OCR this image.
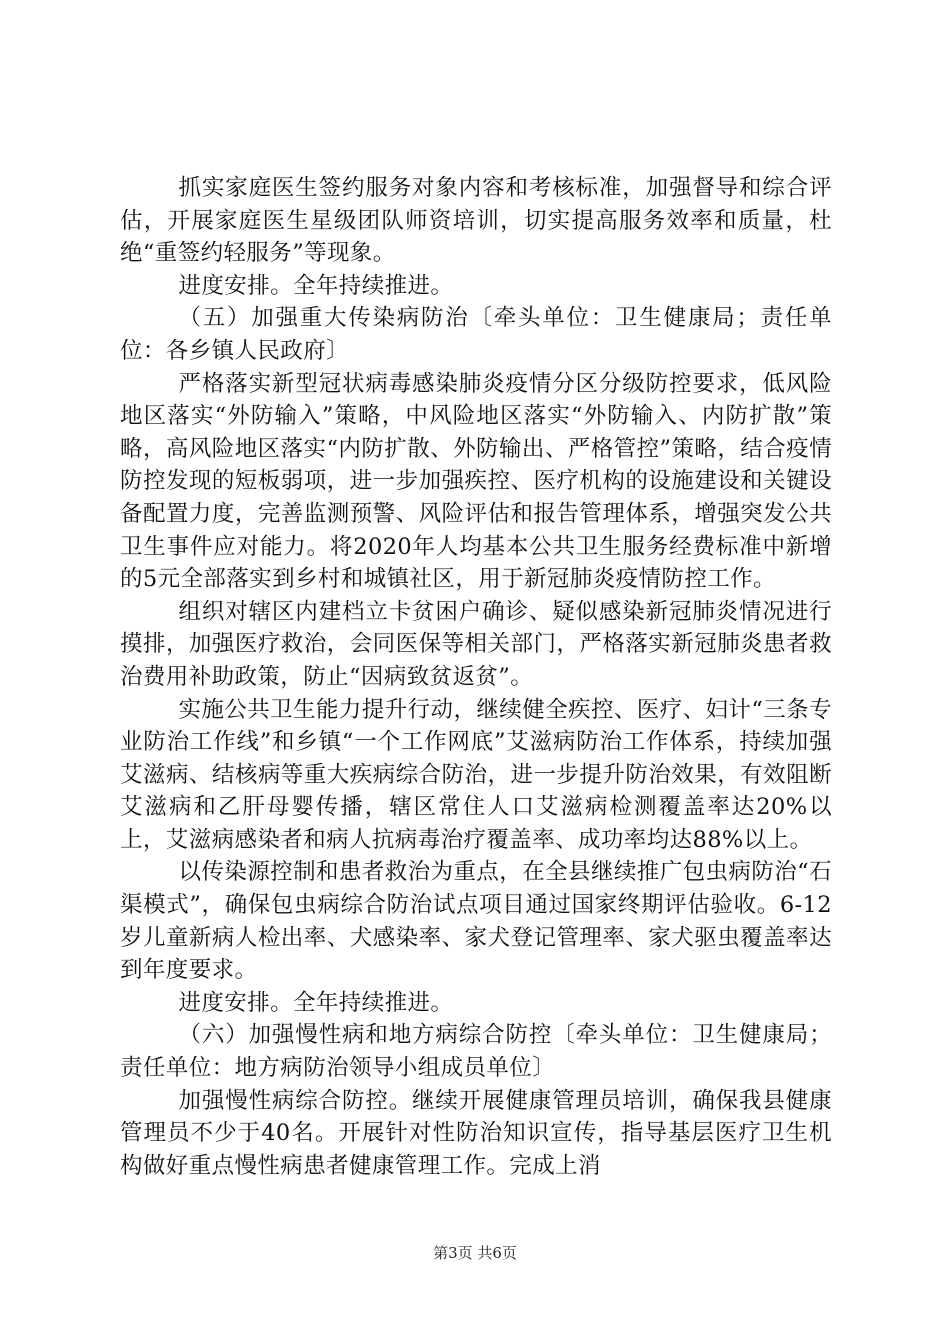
抓实家庭医生签约服务对象内容和考核标准，加强督导和综合评估，开展家庭医生星级团队师资培训，切实提高服务效率和质量，杜绝“重签约轻服务”等现象。

进度安排。全年持续推进。

（五）加强重大传染病防治〔牵头单位：卫生健康局；责任单位：各乡镇人民政府〕

严格落实新型冠状病毒感染肺炎疫情分区分级防控要求，低风险地区落实“外防输入”策略，中风险地区落实“外防输入、内防扩散”策略，高风险地区落实“内防扩散、外防输出、严格管控”策略，结合疫情防控发现的短板弱项，进一步加强疾控、医疗机构的设施建设和关键设备配置力度，完善监测预警、风险评估和报告管理体系，增强突发公共卫生事件应对能力。将2020年人均基本公共卫生服务经费标准中新增的5元全部落实到乡村和城镇社区，用于新冠肺炎疫情防控工作。

组织对辖区内建档立卡贫困户确诊、疑似感染新冠肺炎情况进行摸排，加强医疗救治，会同医保等相关部门，严格落实新冠肺炎患者救治费用补助政策，防止“因病致贫返贫”。

实施公共卫生能力提升行动，继续健全疾控、医疗、妇计“三条专业防治工作线”和乡镇“一个工作网底”艾滋病防治工作体系，持续加强艾滋病、结核病等重大疾病综合防治，进一步提升防治效果，有效阻断艾滋病和乙肝母婴传播，辖区常住人口艾滋病检测覆盖率达20%以上，艾滋病感染者和病人抗病毒治疗覆盖率、成功率均达88%以上。

以传染源控制和患者救治为重点，在全县继续推广包虫病防治“石渠模式”，确保包虫病综合防治试点项目通过国家终期评估验收。6-12岁儿童新病人检出率、犬感染率、家犬登记管理率、家犬驱虫覆盖率达到年度要求。

进度安排。全年持续推进。

（六）加强慢性病和地方病综合防控〔牵头单位：卫生健康局；责任单位：地方病防治领导小组成员单位〕

加强慢性病综合防控。继续开展健康管理员培训，确保我县健康管理员不少于40名。开展针对性防治知识宣传，指导基层医疗卫生机构做好重点慢性病患者健康管理工作。完成上消

第3页 共6页
